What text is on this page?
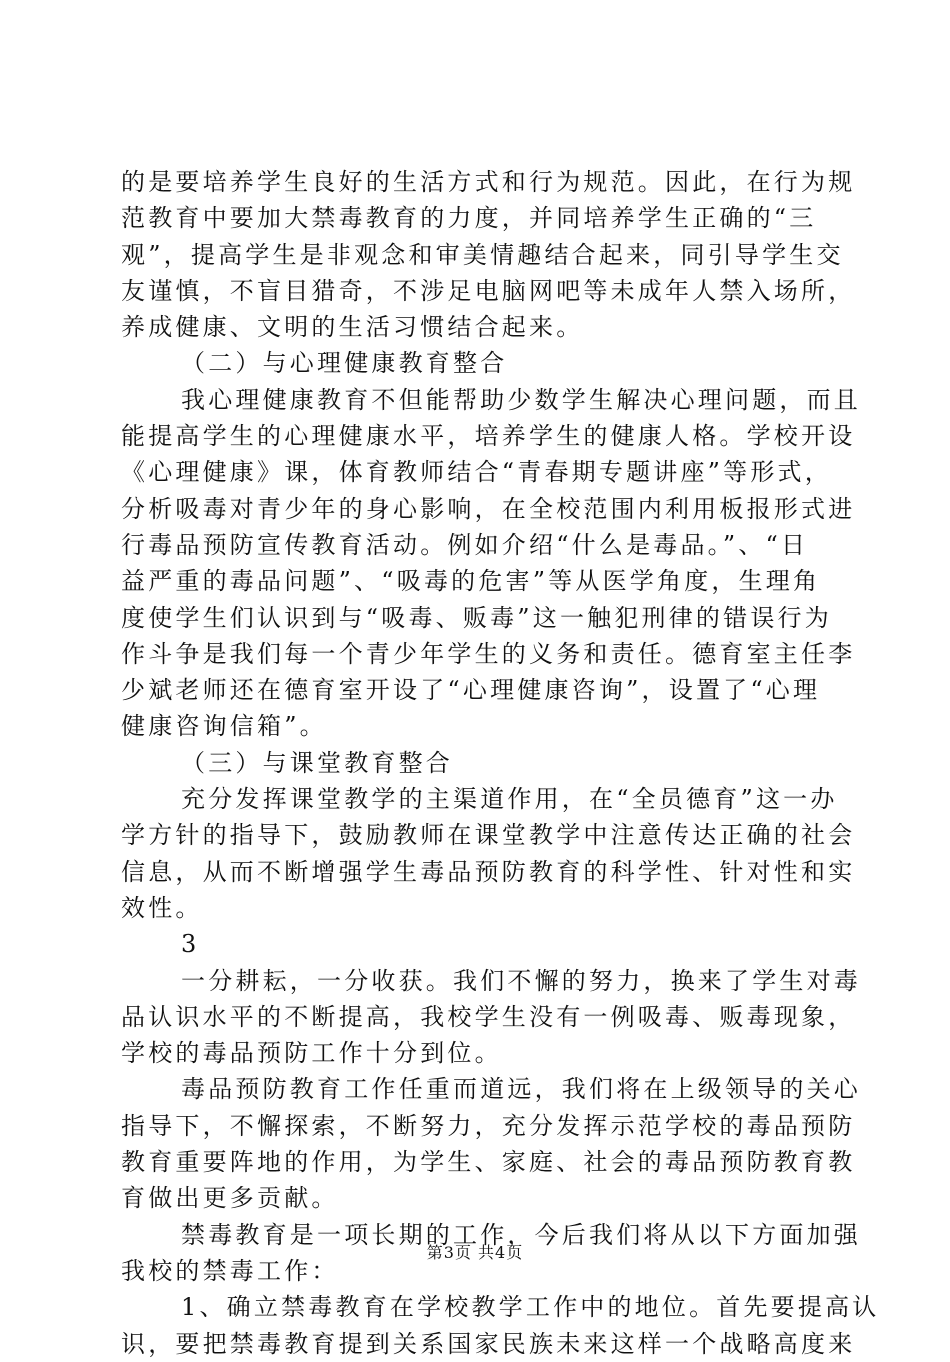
的是要培养学生良好的生活方式和行为规范。因此，在行为规
范教育中要加大禁毒教育的力度，并同培养学生正确的“三
观”，提高学生是非观念和审美情趣结合起来，同引导学生交
友谨慎，不盲目猎奇，不涉足电脑网吧等未成年人禁入场所，
养成健康、文明的生活习惯结合起来。
（二）与心理健康教育整合
我心理健康教育不但能帮助少数学生解决心理问题，而且
能提高学生的心理健康水平，培养学生的健康人格。学校开设
《心理健康》课，体育教师结合“青春期专题讲座”等形式，
分析吸毒对青少年的身心影响，在全校范围内利用板报形式进
行毒品预防宣传教育活动。例如介绍“什么是毒品。”、“日
益严重的毒品问题”、“吸毒的危害”等从医学角度，生理角
度使学生们认识到与“吸毒、贩毒”这一触犯刑律的错误行为
作斗争是我们每一个青少年学生的义务和责任。德育室主任李
少斌老师还在德育室开设了“心理健康咨询”，设置了“心理
健康咨询信箱”。
（三）与课堂教育整合
充分发挥课堂教学的主渠道作用，在“全员德育”这一办
学方针的指导下，鼓励教师在课堂教学中注意传达正确的社会
信息，从而不断增强学生毒品预防教育的科学性、针对性和实
效性。
3
一分耕耘，一分收获。我们不懈的努力，换来了学生对毒
品认识水平的不断提高，我校学生没有一例吸毒、贩毒现象，
学校的毒品预防工作十分到位。
毒品预防教育工作任重而道远，我们将在上级领导的关心
指导下，不懈探索，不断努力，充分发挥示范学校的毒品预防
教育重要阵地的作用，为学生、家庭、社会的毒品预防教育教
育做出更多贡献。
禁毒教育是一项长期的工作，今后我们将从以下方面加强
我校的禁毒工作：
1、确立禁毒教育在学校教学工作中的地位。首先要提高认
识，要把禁毒教育提到关系国家民族未来这样一个战略高度来
第3页 共4页
